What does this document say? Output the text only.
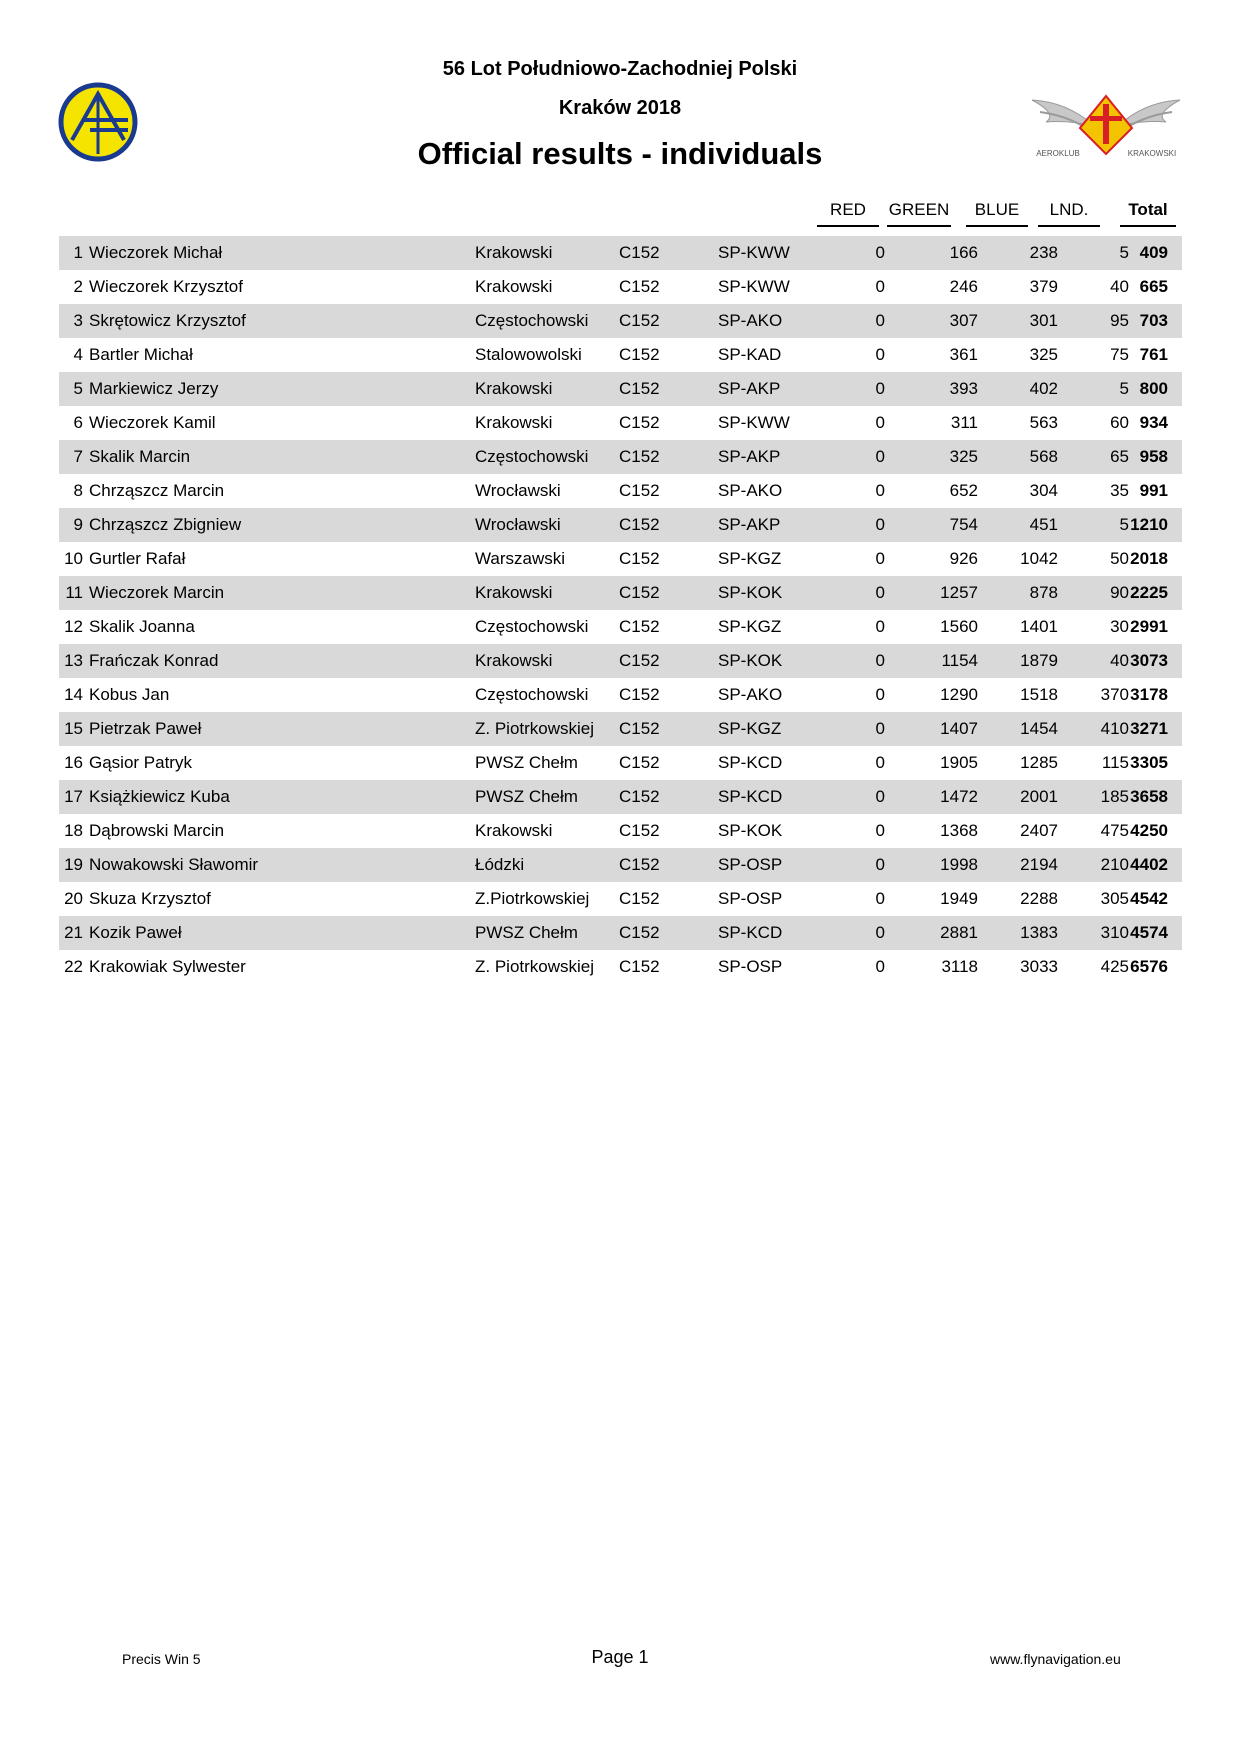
AEROKLUB	KRAKOWSKI
56 Lot Południowo-Zachodniej Polski
Kraków 2018
Official results - individuals
RED	GREEN	BLUE	LND.	Total
1 Wieczorek Michał	Krakowski	C152	SP-KWW	0	166	238	5 409
2 Wieczorek Krzysztof	Krakowski	C152	SP-KWW	0	246	379	40 665
3 Skrętowicz Krzysztof	Częstochowski C152	SP-AKO	0	307	301	95 703
4 Bartler Michał	Stalowowolski C152	SP-KAD	0	361	325	75 761
5 Markiewicz Jerzy	Krakowski	C152	SP-AKP	0	393	402	5 800
6 Wieczorek Kamil	Krakowski	C152	SP-KWW	0	311	563	60 934
7 Skalik Marcin	Częstochowski C152	SP-AKP	0	325	568	65 958
8 Chrząszcz Marcin	Wrocławski	C152	SP-AKO	0	652	304	35 991
9 Chrząszcz Zbigniew	Wrocławski	C152	SP-AKP	0	754	451	5 1210
10 Gurtler Rafał	Warszawski	C152	SP-KGZ	0	926	1042	50 2018
11 Wieczorek Marcin	Krakowski	C152	SP-KOK	0	1257	878	90 2225
12 Skalik Joanna	Częstochowski C152	SP-KGZ	0	1560	1401	30 2991
13 Frańczak Konrad	Krakowski	C152	SP-KOK	0	1154	1879	40 3073
14 Kobus Jan	Częstochowski C152	SP-AKO	0	1290	1518	370 3178
15 Pietrzak Paweł	Z. Piotrkowskiej C152	SP-KGZ	0	1407	1454	410 3271
16 Gąsior Patryk	PWSZ Chełm C152	SP-KCD	0	1905	1285	115 3305
17 Książkiewicz Kuba	PWSZ Chełm C152	SP-KCD	0	1472	2001	185 3658
18 Dąbrowski Marcin	Krakowski	C152	SP-KOK	0	1368	2407	475 4250
19 Nowakowski Sławomir	Łódzki	C152	SP-OSP	0	1998	2194	210 4402
20 Skuza Krzysztof	Z.Piotrkowskiej C152	SP-OSP	0	1949	2288	305 4542
21 Kozik Paweł	PWSZ Chełm C152	SP-KCD	0	2881	1383	310 4574
22 Krakowiak Sylwester	Z. Piotrkowskiej C152	SP-OSP	0	3118	3033	425 6576
Precis Win 5	Page 1	www.flynavigation.eu
